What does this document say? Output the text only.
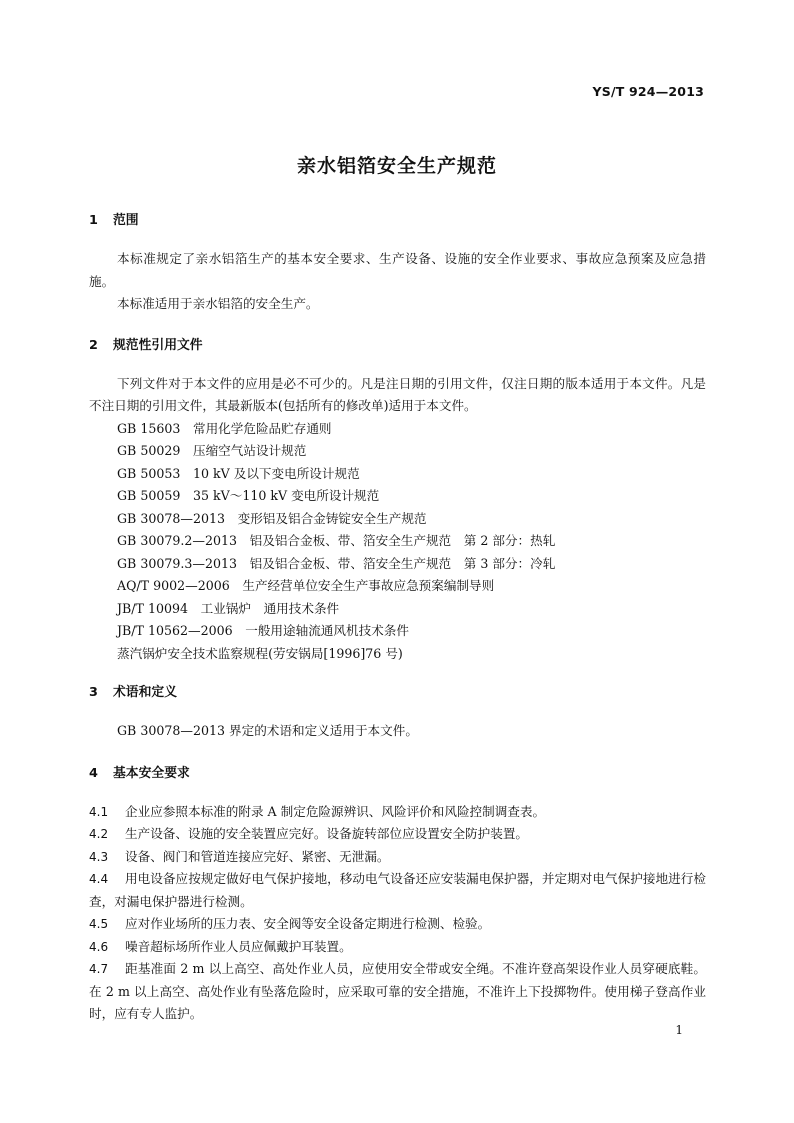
YS/T 924—2013
亲水铝箔安全生产规范
1 范围

本标准规定了亲水铝箔生产的基本安全要求、生产设备、设施的安全作业要求、事故应急预案及应急措施。

本标准适用于亲水铝箔的安全生产。

2 规范性引用文件

下列文件对于本文件的应用是必不可少的。凡是注日期的引用文件，仅注日期的版本适用于本文件。凡是不注日期的引用文件，其最新版本(包括所有的修改单)适用于本文件。

GB 15603　常用化学危险品贮存通则

GB 50029　压缩空气站设计规范

GB 50053　10 kV 及以下变电所设计规范

GB 50059　35 kV～110 kV 变电所设计规范

GB 30078—2013　变形铝及铝合金铸锭安全生产规范

GB 30079.2—2013　铝及铝合金板、带、箔安全生产规范　第 2 部分：热轧

GB 30079.3—2013　铝及铝合金板、带、箔安全生产规范　第 3 部分：冷轧

AQ/T 9002—2006　生产经营单位安全生产事故应急预案编制导则

JB/T 10094　工业锅炉　通用技术条件

JB/T 10562—2006　一般用途轴流通风机技术条件

蒸汽锅炉安全技术监察规程(劳安锅局[1996]76 号)

3 术语和定义

GB 30078—2013 界定的术语和定义适用于本文件。

4 基本安全要求

4.1 企业应参照本标准的附录 A 制定危险源辨识、风险评价和风险控制调查表。

4.2 生产设备、设施的安全装置应完好。设备旋转部位应设置安全防护装置。

4.3 设备、阀门和管道连接应完好、紧密、无泄漏。

4.4 用电设备应按规定做好电气保护接地，移动电气设备还应安装漏电保护器，并定期对电气保护接地进行检查，对漏电保护器进行检测。

4.5 应对作业场所的压力表、安全阀等安全设备定期进行检测、检验。

4.6 噪音超标场所作业人员应佩戴护耳装置。

4.7 距基准面 2 m 以上高空、高处作业人员，应使用安全带或安全绳。不准许登高架设作业人员穿硬底鞋。在 2 m 以上高空、高处作业有坠落危险时，应采取可靠的安全措施，不准许上下投掷物件。使用梯子登高作业时，应有专人监护。

1
